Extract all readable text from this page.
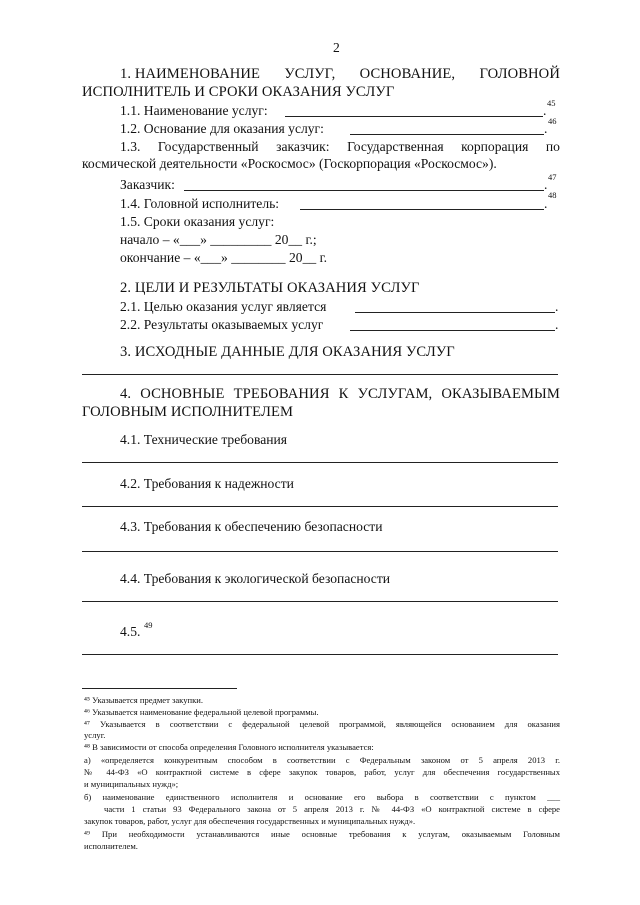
2
1. НАИМЕНОВАНИЕ УСЛУГ, ОСНОВАНИЕ, ГОЛОВНОЙ
ИСПОЛНИТЕЛЬ И СРОКИ ОКАЗАНИЯ УСЛУГ
1.1. Наименование услуг:	. 45
1.2. Основание для оказания услуг:	. 46
1.3. Государственный заказчик: Государственная корпорация по
космической деятельности «Роскосмос» (Госкорпорация «Роскосмос»).
Заказчик:	. 47
1.4. Головной исполнитель:	.
48
1.5. Сроки оказания услуг:
начало – «___» _________ 20__ г.;
окончание – «___» ________ 20__ г.
2. ЦЕЛИ И РЕЗУЛЬТАТЫ ОКАЗАНИЯ УСЛУГ
2.1. Целью оказания услуг является	.
2.2. Результаты оказываемых услуг	.
3. ИСХОДНЫЕ ДАННЫЕ ДЛЯ ОКАЗАНИЯ УСЛУГ
4. ОСНОВНЫЕ ТРЕБОВАНИЯ К УСЛУГАМ, ОКАЗЫВАЕМЫМ
ГОЛОВНЫМ ИСПОЛНИТЕЛЕМ
4.1. Технические требования
4.2. Требования к надежности
4.3. Требования к обеспечению безопасности
4.4. Требования к экологической безопасности
4.5. 49
⁴⁵ Указывается предмет закупки.
⁴⁶ Указывается наименование федеральной целевой программы.
⁴⁷ Указывается в соответствии с федеральной целевой программой, являющейся основанием для оказания
услуг.
⁴⁸ В зависимости от способа определения Головного исполнителя указывается:
а) «определяется конкурентным способом в соответствии с Федеральным законом от 5 апреля 2013 г.
№ 44-ФЗ «О контрактной системе в сфере закупок товаров, работ, услуг для обеспечения государственных
и муниципальных нужд»;
б) наименование единственного исполнителя и основание его выбора в соответствии с пунктом ___
части 1 статьи 93 Федерального закона от 5 апреля 2013 г. № 44-ФЗ «О контрактной системе в сфере
закупок товаров, работ, услуг для обеспечения государственных и муниципальных нужд».
⁴⁹ При необходимости устанавливаются иные основные требования к услугам, оказываемым Головным
исполнителем.
